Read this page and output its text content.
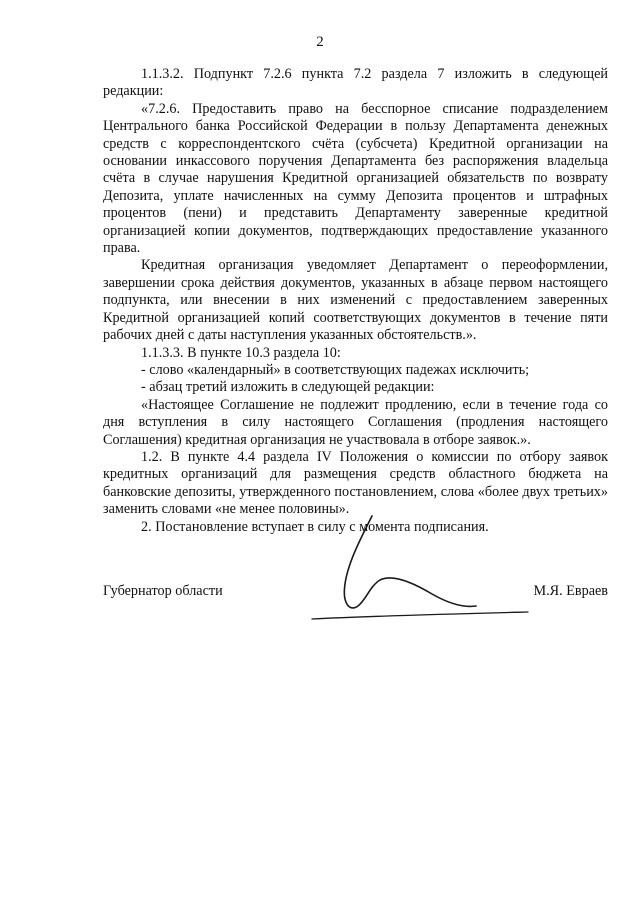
2

1.1.3.2. Подпункт 7.2.6 пункта 7.2 раздела 7 изложить в следующей редакции:

«7.2.6. Предоставить право на бесспорное списание подразделением Центрального банка Российской Федерации в пользу Департамента денежных средств с корреспондентского счёта (субсчета) Кредитной организации на основании инкассового поручения Департамента без распоряжения владельца счёта в случае нарушения Кредитной организацией обязательств по возврату Депозита, уплате начисленных на сумму Депозита процентов и штрафных процентов (пени) и представить Департаменту заверенные кредитной организацией копии документов, подтверждающих предоставление указанного права.

Кредитная организация уведомляет Департамент о переоформлении, завершении срока действия документов, указанных в абзаце первом настоящего подпункта, или внесении в них изменений с предоставлением заверенных Кредитной организацией копий соответствующих документов в течение пяти рабочих дней с даты наступления указанных обстоятельств.».

1.1.3.3. В пункте 10.3 раздела 10:

- слово «календарный» в соответствующих падежах исключить;

- абзац третий изложить в следующей редакции:

«Настоящее Соглашение не подлежит продлению, если в течение года со дня вступления в силу настоящего Соглашения (продления настоящего Соглашения) кредитная организация не участвовала в отборе заявок.».

1.2. В пункте 4.4 раздела IV Положения о комиссии по отбору заявок кредитных организаций для размещения средств областного бюджета на банковские депозиты, утвержденного постановлением, слова «более двух третьих» заменить словами «не менее половины».

2. Постановление вступает в силу с момента подписания.

Губернатор области	М.Я. Евраев
